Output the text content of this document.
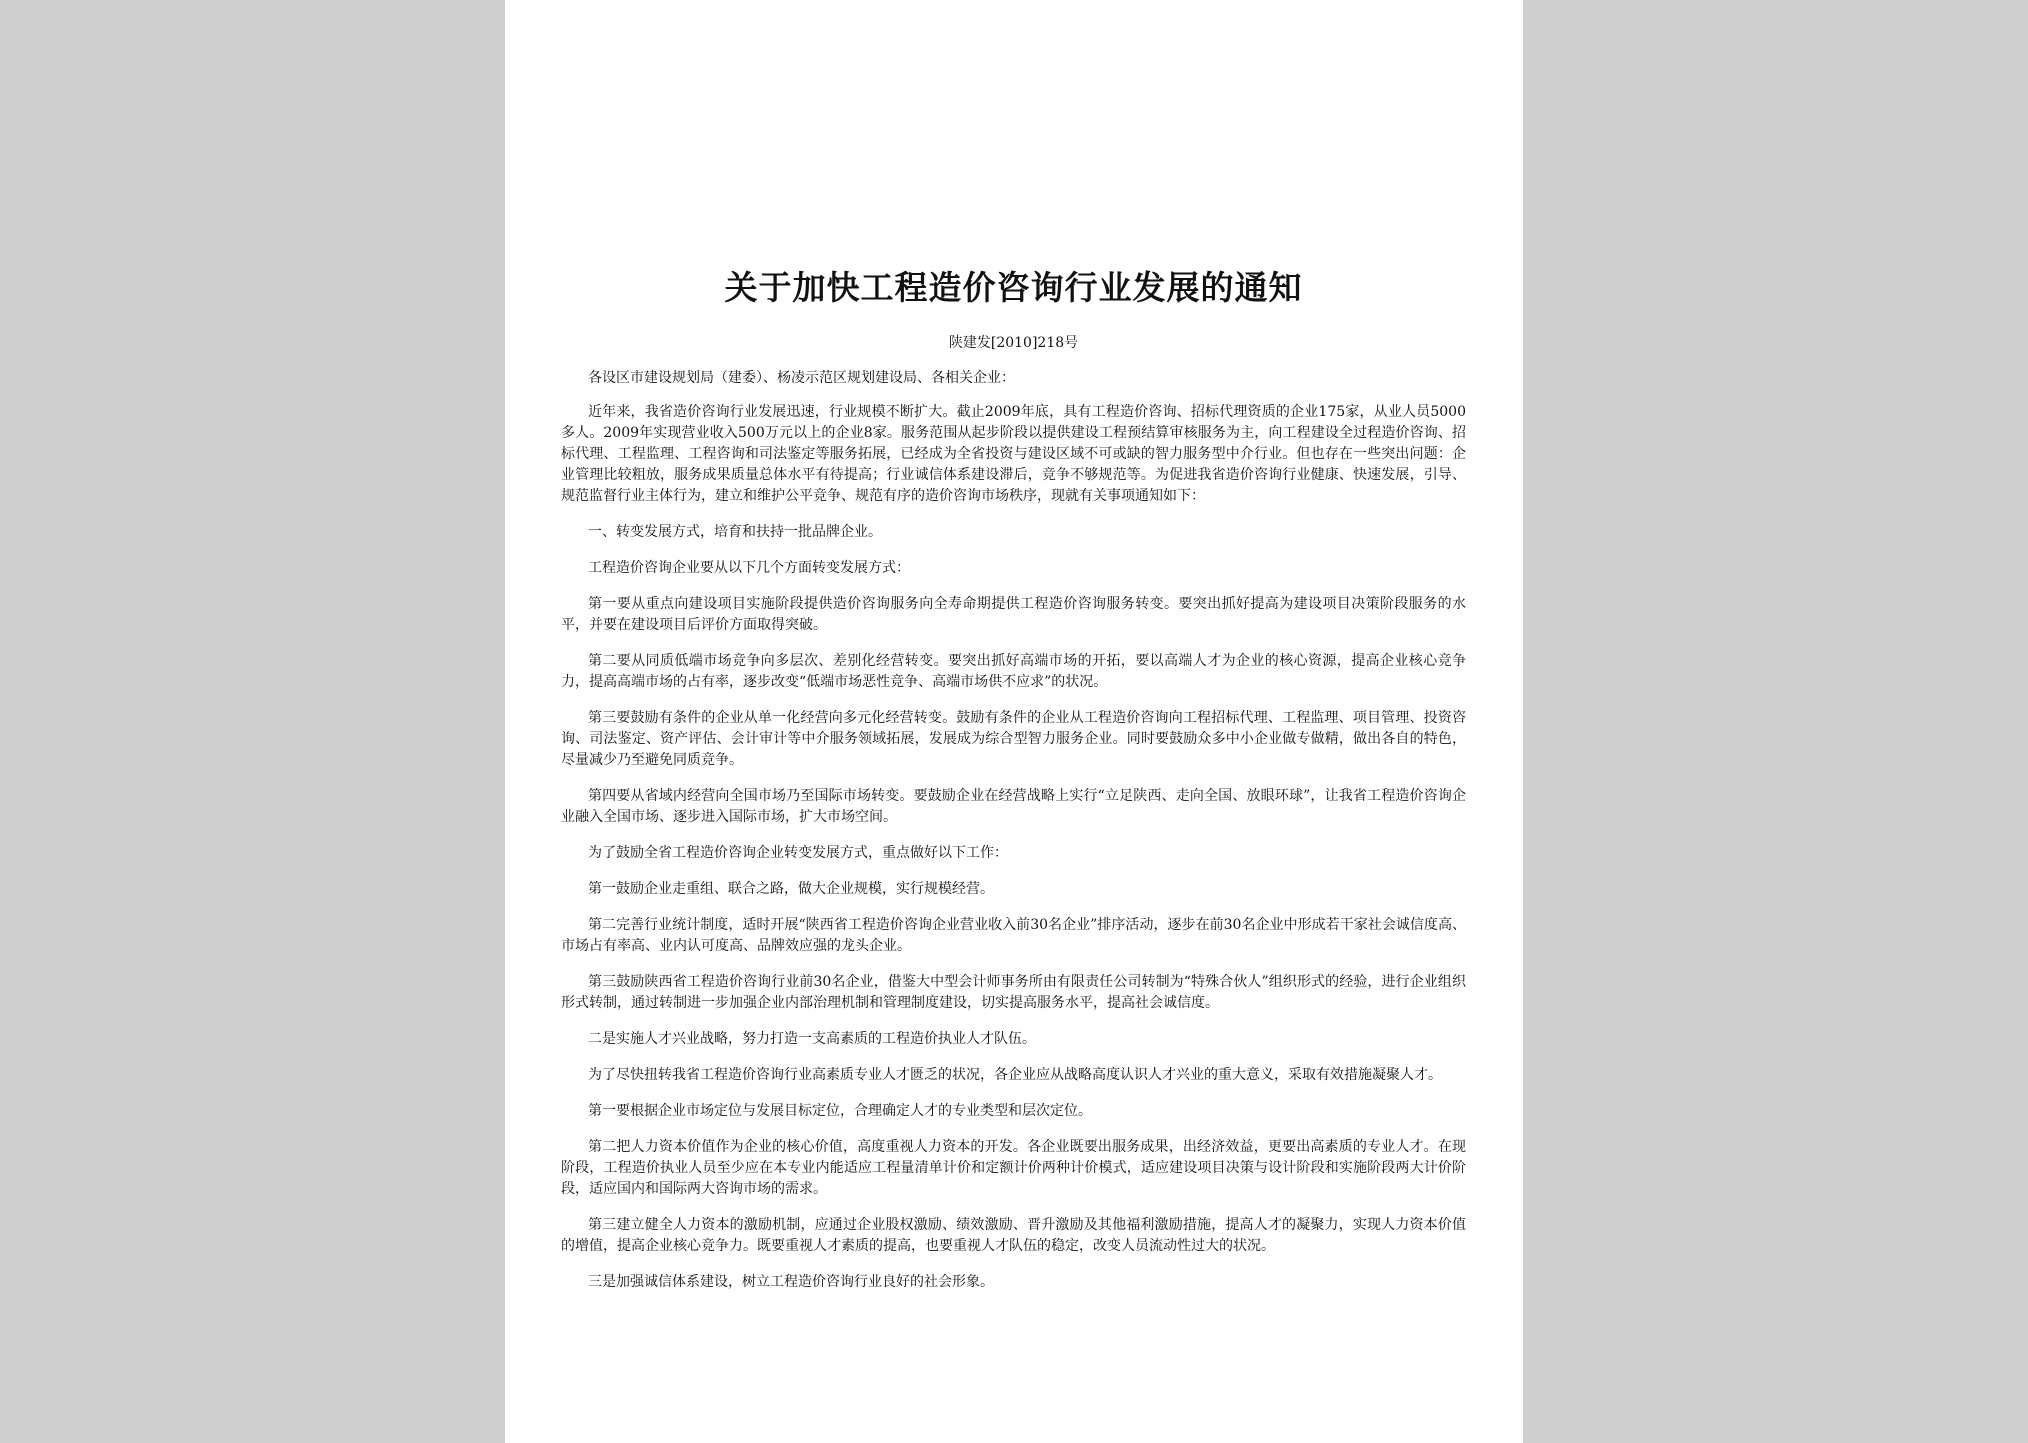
关于加快工程造价咨询行业发展的通知
陕建发[2010]218号

各设区市建设规划局（建委）、杨凌示范区规划建设局、各相关企业：

近年来，我省造价咨询行业发展迅速，行业规模不断扩大。截止2009年底，具有工程造价咨询、招标代理资质的企业175家，从业人员5000多人。2009年实现营业收入500万元以上的企业8家。服务范围从起步阶段以提供建设工程预结算审核服务为主，向工程建设全过程造价咨询、招标代理、工程监理、工程咨询和司法鉴定等服务拓展，已经成为全省投资与建设区域不可或缺的智力服务型中介行业。但也存在一些突出问题：企业管理比较粗放，服务成果质量总体水平有待提高；行业诚信体系建设滞后，竞争不够规范等。为促进我省造价咨询行业健康、快速发展，引导、规范监督行业主体行为，建立和维护公平竞争、规范有序的造价咨询市场秩序，现就有关事项通知如下：

一、转变发展方式，培育和扶持一批品牌企业。

工程造价咨询企业要从以下几个方面转变发展方式：

第一要从重点向建设项目实施阶段提供造价咨询服务向全寿命期提供工程造价咨询服务转变。要突出抓好提高为建设项目决策阶段服务的水平，并要在建设项目后评价方面取得突破。

第二要从同质低端市场竞争向多层次、差别化经营转变。要突出抓好高端市场的开拓，要以高端人才为企业的核心资源，提高企业核心竞争力，提高高端市场的占有率，逐步改变“低端市场恶性竞争、高端市场供不应求”的状况。

第三要鼓励有条件的企业从单一化经营向多元化经营转变。鼓励有条件的企业从工程造价咨询向工程招标代理、工程监理、项目管理、投资咨询、司法鉴定、资产评估、会计审计等中介服务领域拓展，发展成为综合型智力服务企业。同时要鼓励众多中小企业做专做精，做出各自的特色，尽量减少乃至避免同质竞争。

第四要从省域内经营向全国市场乃至国际市场转变。要鼓励企业在经营战略上实行“立足陕西、走向全国、放眼环球”，让我省工程造价咨询企业融入全国市场、逐步进入国际市场，扩大市场空间。

为了鼓励全省工程造价咨询企业转变发展方式，重点做好以下工作：

第一鼓励企业走重组、联合之路，做大企业规模，实行规模经营。

第二完善行业统计制度，适时开展“陕西省工程造价咨询企业营业收入前30名企业”排序活动，逐步在前30名企业中形成若干家社会诚信度高、市场占有率高、业内认可度高、品牌效应强的龙头企业。

第三鼓励陕西省工程造价咨询行业前30名企业，借鉴大中型会计师事务所由有限责任公司转制为“特殊合伙人”组织形式的经验，进行企业组织形式转制，通过转制进一步加强企业内部治理机制和管理制度建设，切实提高服务水平，提高社会诚信度。

二是实施人才兴业战略，努力打造一支高素质的工程造价执业人才队伍。

为了尽快扭转我省工程造价咨询行业高素质专业人才匮乏的状况，各企业应从战略高度认识人才兴业的重大意义，采取有效措施凝聚人才。

第一要根据企业市场定位与发展目标定位，合理确定人才的专业类型和层次定位。

第二把人力资本价值作为企业的核心价值，高度重视人力资本的开发。各企业既要出服务成果，出经济效益，更要出高素质的专业人才。在现阶段，工程造价执业人员至少应在本专业内能适应工程量清单计价和定额计价两种计价模式，适应建设项目决策与设计阶段和实施阶段两大计价阶段，适应国内和国际两大咨询市场的需求。

第三建立健全人力资本的激励机制，应通过企业股权激励、绩效激励、晋升激励及其他福利激励措施，提高人才的凝聚力，实现人力资本价值的增值，提高企业核心竞争力。既要重视人才素质的提高，也要重视人才队伍的稳定，改变人员流动性过大的状况。

三是加强诚信体系建设，树立工程造价咨询行业良好的社会形象。
